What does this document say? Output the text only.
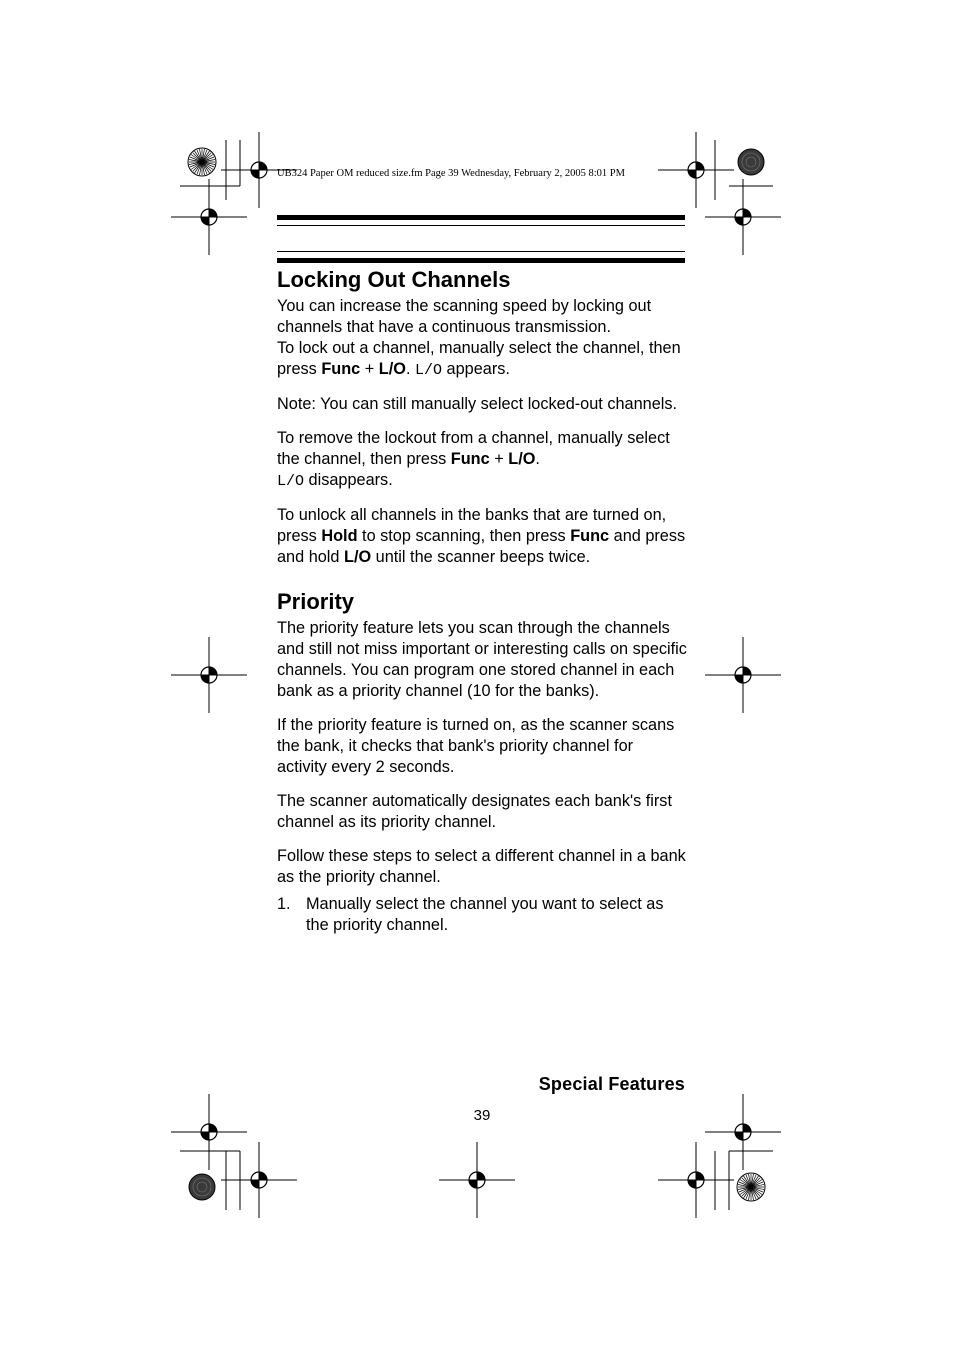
UB324 Paper OM reduced size.fm Page 39 Wednesday, February 2, 2005 8:01 PM
Locking Out Channels

You can increase the scanning speed by locking out channels that have a continuous transmission.

To lock out a channel, manually select the channel, then press Func + L/O. L/O appears.

Note: You can still manually select locked-out channels.

To remove the lockout from a channel, manually select the channel, then press Func + L/O.
L/O disappears.

To unlock all channels in the banks that are turned on, press Hold to stop scanning, then press Func and press and hold L/O until the scanner beeps twice.

Priority

The priority feature lets you scan through the channels and still not miss important or interesting calls on specific channels. You can program one stored channel in each bank as a priority channel (10 for the banks).

If the priority feature is turned on, as the scanner scans the bank, it checks that bank's priority channel for activity every 2 seconds.

The scanner automatically designates each bank's first channel as its priority channel.

Follow these steps to select a different channel in a bank as the priority channel.

1. Manually select the channel you want to select as the priority channel.
Special Features
39
